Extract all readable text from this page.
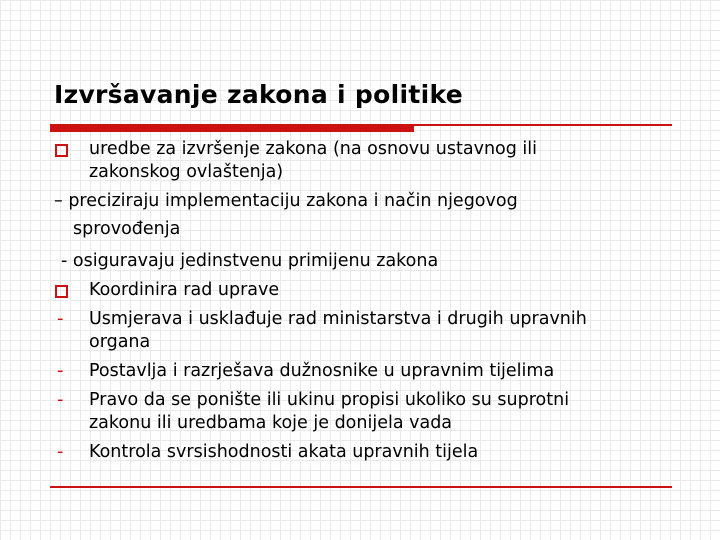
Izvršavanje zakona i politike
uredbe za izvršenje zakona (na osnovu ustavnog ili
zakonskog ovlaštenja)
– preciziraju implementaciju zakona i način njegovog
sprovođenja
- osiguravaju jedinstvenu primijenu zakona
Koordinira rad uprave
- Usmjerava i usklađuje rad ministarstva i drugih upravnih
organa
- Postavlja i razrješava dužnosnike u upravnim tijelima
- Pravo da se ponište ili ukinu propisi ukoliko su suprotni
zakonu ili uredbama koje je donijela vada
- Kontrola svrsishodnosti akata upravnih tijela
